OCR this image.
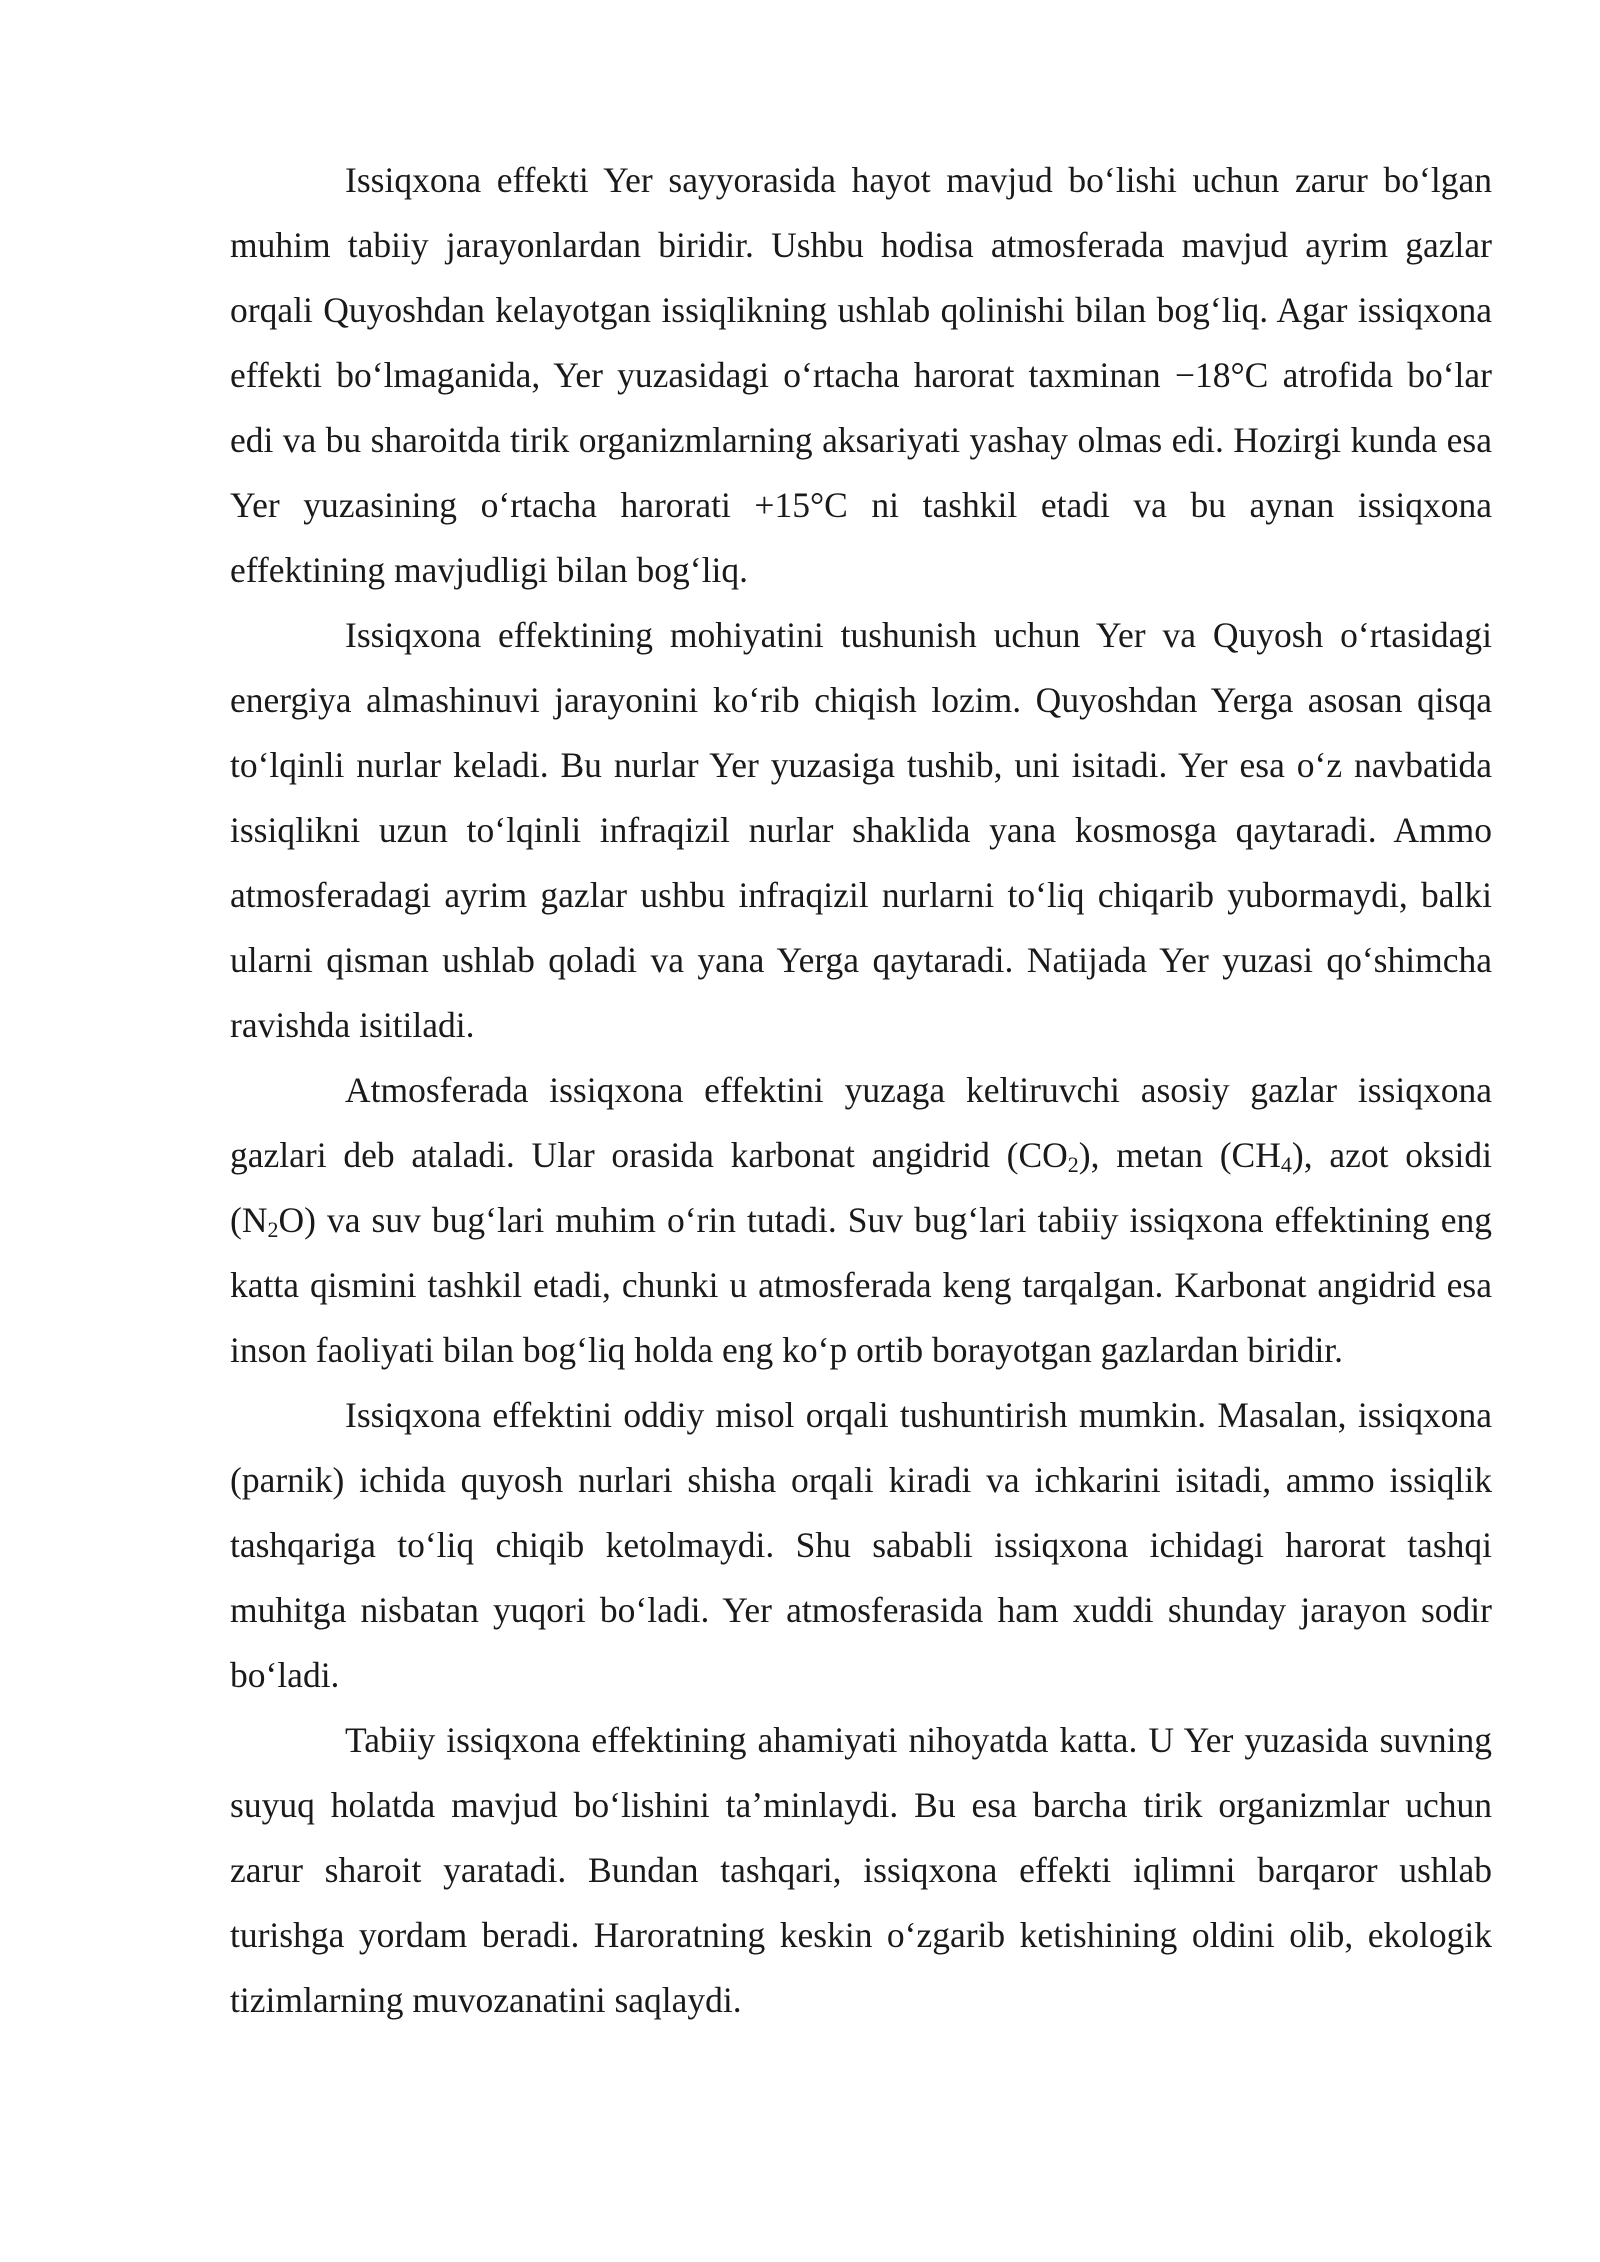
Issiqxona effekti Yer sayyorasida hayot mavjud boʻlishi uchun zarur boʻlgan muhim tabiiy jarayonlardan biridir. Ushbu hodisa atmosferada mavjud ayrim gazlar orqali Quyoshdan kelayotgan issiqlikning ushlab qolinishi bilan bogʻliq. Agar issiqxona effekti boʻlmaganida, Yer yuzasidagi oʻrtacha harorat taxminan −18°C atrofida boʻlar edi va bu sharoitda tirik organizmlarning aksariyati yashay olmas edi. Hozirgi kunda esa Yer yuzasining oʻrtacha harorati +15°C ni tashkil etadi va bu aynan issiqxona effektining mavjudligi bilan bogʻliq.

Issiqxona effektining mohiyatini tushunish uchun Yer va Quyosh oʻrtasidagi energiya almashinuvi jarayonini koʻrib chiqish lozim. Quyoshdan Yerga asosan qisqa toʻlqinli nurlar keladi. Bu nurlar Yer yuzasiga tushib, uni isitadi. Yer esa oʻz navbatida issiqlikni uzun toʻlqinli infraqizil nurlar shaklida yana kosmosga qaytaradi. Ammo atmosferadagi ayrim gazlar ushbu infraqizil nurlarni toʻliq chiqarib yubormaydi, balki ularni qisman ushlab qoladi va yana Yerga qaytaradi. Natijada Yer yuzasi qoʻshimcha ravishda isitiladi.

Atmosferada issiqxona effektini yuzaga keltiruvchi asosiy gazlar issiqxona gazlari deb ataladi. Ular orasida karbonat angidrid $(CO_2)$, metan $(CH_4)$, azot oksidi $(N_2O)$ va suv bugʻlari muhim oʻrin tutadi. Suv bugʻlari tabiiy issiqxona effektining eng katta qismini tashkil etadi, chunki u atmosferada keng tarqalgan. Karbonat angidrid esa inson faoliyati bilan bogʻliq holda eng koʻp ortib borayotgan gazlardan biridir.

Issiqxona effektini oddiy misol orqali tushuntirish mumkin. Masalan, issiqxona (parnik) ichida quyosh nurlari shisha orqali kiradi va ichkarini isitadi, ammo issiqlik tashqariga toʻliq chiqib ketolmaydi. Shu sababli issiqxona ichidagi harorat tashqi muhitga nisbatan yuqori boʻladi. Yer atmosferasida ham xuddi shunday jarayon sodir boʻladi.

Tabiiy issiqxona effektining ahamiyati nihoyatda katta. U Yer yuzasida suvning suyuq holatda mavjud boʻlishini taʼminlaydi. Bu esa barcha tirik organizmlar uchun zarur sharoit yaratadi. Bundan tashqari, issiqxona effekti iqlimni barqaror ushlab turishga yordam beradi. Haroratning keskin oʻzgarib ketishining oldini olib, ekologik tizimlarning muvozanatini saqlaydi.
